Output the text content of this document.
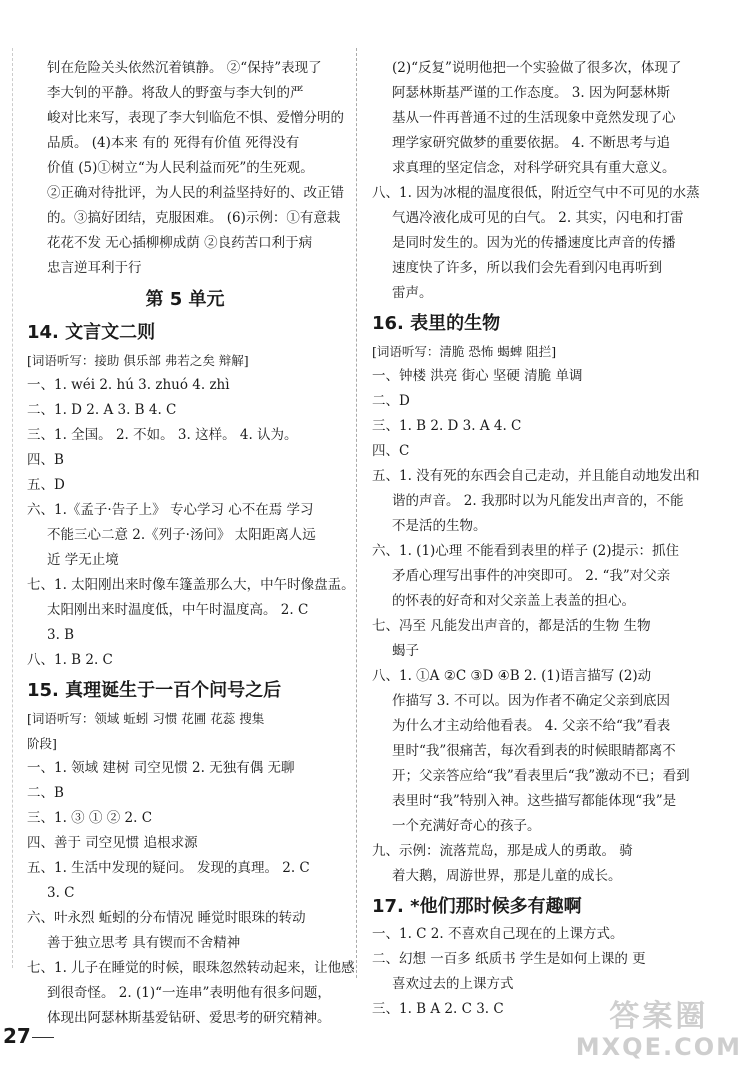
钊在危险关头依然沉着镇静。 ②“保持”表现了
李大钊的平静。将敌人的野蛮与李大钊的严
峻对比来写，表现了李大钊临危不惧、爱憎分明的
品质。 (4)本来 有的 死得有价值 死得没有
价值 (5)①树立“为人民利益而死”的生死观。
②正确对待批评，为人民的利益坚持好的、改正错
的。③搞好团结，克服困难。 (6)示例：①有意栽
花花不发 无心插柳柳成荫 ②良药苦口利于病
忠言逆耳利于行
第 5 单元
14. 文言文二则
[词语听写：接助 俱乐部 弗若之矣 辩解]
一、1. wéi 2. hú 3. zhuó 4. zhì
二、1. D 2. A 3. B 4. C
三、1. 全国。 2. 不如。 3. 这样。 4. 认为。
四、B
五、D
六、1.《孟子·告子上》 专心学习 心不在焉 学习
不能三心二意 2.《列子·汤问》 太阳距离人远
近 学无止境
七、1. 太阳刚出来时像车篷盖那么大，中午时像盘盂。
太阳刚出来时温度低，中午时温度高。 2. C
3. B
八、1. B 2. C
15. 真理诞生于一百个问号之后
[词语听写：领域 蚯蚓 习惯 花圃 花蕊 搜集
阶段]
一、1. 领域 建树 司空见惯 2. 无独有偶 无聊
二、B
三、1. ③ ① ② 2. C
四、善于 司空见惯 追根求源
五、1. 生活中发现的疑问。 发现的真理。 2. C
3. C
六、叶永烈 蚯蚓的分布情况 睡觉时眼珠的转动
善于独立思考 具有锲而不舍精神
七、1. 儿子在睡觉的时候，眼珠忽然转动起来，让他感
到很奇怪。 2. (1)“一连串”表明他有很多问题，
体现出阿瑟林斯基爱钻研、爱思考的研究精神。
(2)“反复”说明他把一个实验做了很多次，体现了
阿瑟林斯基严谨的工作态度。 3. 因为阿瑟林斯
基从一件再普通不过的生活现象中竟然发现了心
理学家研究做梦的重要依据。 4. 不断思考与追
求真理的坚定信念，对科学研究具有重大意义。
八、1. 因为冰棍的温度很低，附近空气中不可见的水蒸
气遇冷液化成可见的白气。 2. 其实，闪电和打雷
是同时发生的。因为光的传播速度比声音的传播
速度快了许多，所以我们会先看到闪电再听到
雷声。
16. 表里的生物
[词语听写：清脆 恐怖 蝎蜱 阻拦]
一、钟楼 洪亮 街心 坚硬 清脆 单调
二、D
三、1. B 2. D 3. A 4. C
四、C
五、1. 没有死的东西会自己走动，并且能自动地发出和
谐的声音。 2. 我那时以为凡能发出声音的，不能
不是活的生物。
六、1. (1)心理 不能看到表里的样子 (2)提示：抓住
矛盾心理写出事件的冲突即可。 2. “我”对父亲
的怀表的好奇和对父亲盖上表盖的担心。
七、冯至 凡能发出声音的，都是活的生物 生物
蝎子
八、1. ①A ②C ③D ④B 2. (1)语言描写 (2)动
作描写 3. 不可以。因为作者不确定父亲到底因
为什么才主动给他看表。 4. 父亲不给“我”看表
里时“我”很痛苦，每次看到表的时候眼睛都离不
开；父亲答应给“我”看表里后“我”激动不已；看到
表里时“我”特别入神。这些描写都能体现“我”是
一个充满好奇心的孩子。
九、示例：流落荒岛，那是成人的勇敢。 骑
着大鹅，周游世界，那是儿童的成长。
17. *他们那时候多有趣啊
一、1. C 2. 不喜欢自己现在的上课方式。
二、幻想 一百多 纸质书 学生是如何上课的 更
喜欢过去的上课方式
三、1. B A 2. C 3. C
27
答案圈
MXQE.COM
